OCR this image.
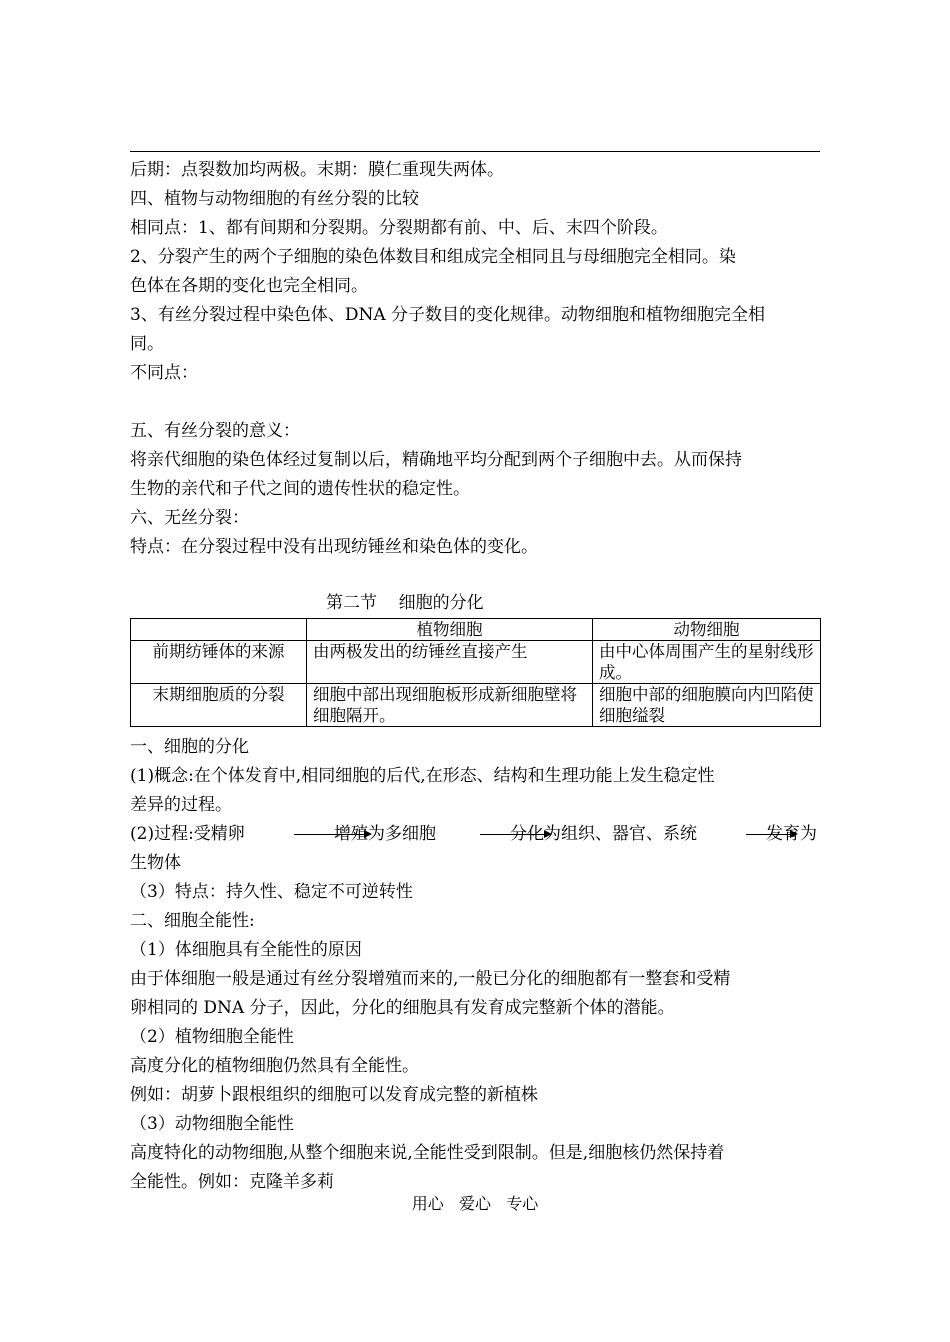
后期：点裂数加均两极。末期：膜仁重现失两体。
四、植物与动物细胞的有丝分裂的比较
相同点：1、都有间期和分裂期。分裂期都有前、中、后、末四个阶段。
2、分裂产生的两个子细胞的染色体数目和组成完全相同且与母细胞完全相同。染
色体在各期的变化也完全相同。
3、有丝分裂过程中染色体、DNA 分子数目的变化规律。动物细胞和植物细胞完全相
同。
不同点：
五、有丝分裂的意义：
将亲代细胞的染色体经过复制以后，精确地平均分配到两个子细胞中去。从而保持
生物的亲代和子代之间的遗传性状的稳定性。
六、无丝分裂：
特点：在分裂过程中没有出现纺锤丝和染色体的变化。
第二节    细胞的分化
	植物细胞	动物细胞
前期纺锤体的来源	由两极发出的纺锤丝直接产生	由中心体周围产生的星射线形成。
末期细胞质的分裂	细胞中部出现细胞板形成新细胞壁将细胞隔开。	细胞中部的细胞膜向内凹陷使细胞缢裂
一、细胞的分化
(1)概念:在个体发育中,相同细胞的后代,在形态、结构和生理功能上发生稳定性
差异的过程。
(2)过程:受精卵	增殖为多细胞	分化为组织、器官、系统	发育为
生物体
（3）特点：持久性、稳定不可逆转性
二、细胞全能性:
（1）体细胞具有全能性的原因
由于体细胞一般是通过有丝分裂增殖而来的,一般已分化的细胞都有一整套和受精
卵相同的 DNA 分子，因此，分化的细胞具有发育成完整新个体的潜能。
（2）植物细胞全能性
高度分化的植物细胞仍然具有全能性。
例如：胡萝卜跟根组织的细胞可以发育成完整的新植株
（3）动物细胞全能性
高度特化的动物细胞,从整个细胞来说,全能性受到限制。但是,细胞核仍然保持着
全能性。例如：克隆羊多莉
用心   爱心   专心
